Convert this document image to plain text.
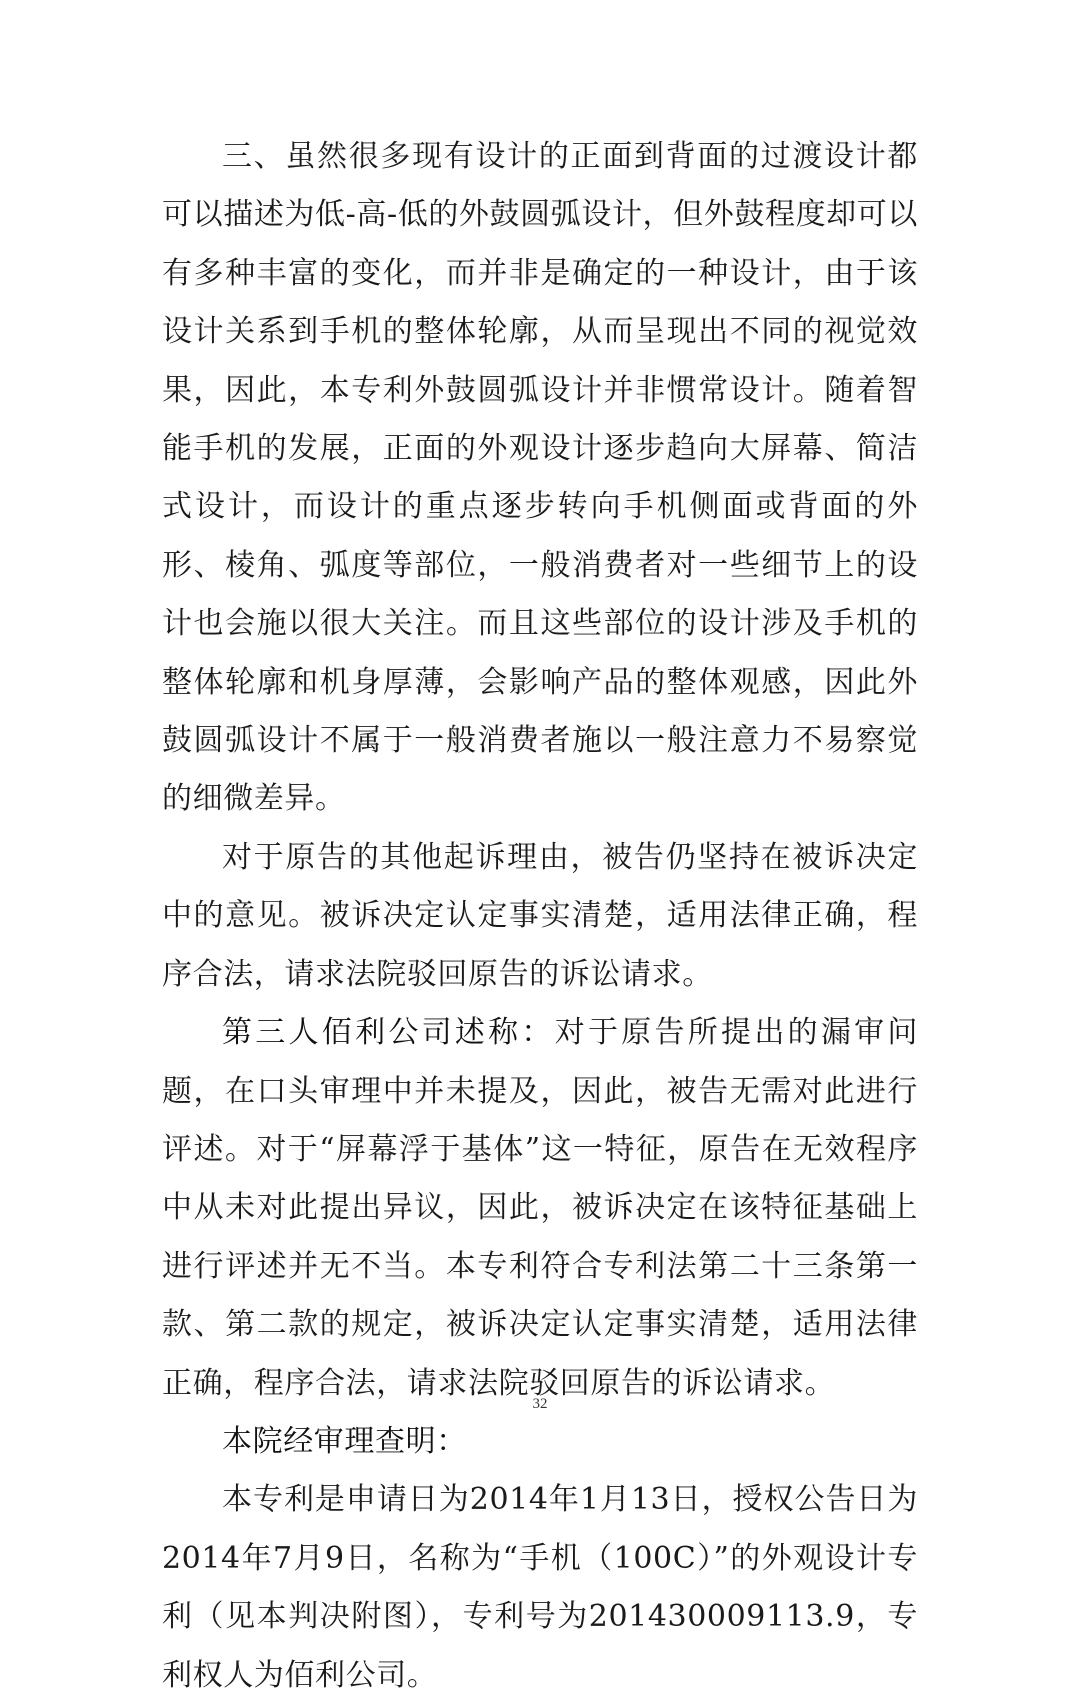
三、虽然很多现有设计的正面到背面的过渡设计都可以描述为低-高-低的外鼓圆弧设计，但外鼓程度却可以有多种丰富的变化，而并非是确定的一种设计，由于该设计关系到手机的整体轮廓，从而呈现出不同的视觉效果，因此，本专利外鼓圆弧设计并非惯常设计。随着智能手机的发展，正面的外观设计逐步趋向大屏幕、简洁式设计，而设计的重点逐步转向手机侧面或背面的外形、棱角、弧度等部位，一般消费者对一些细节上的设计也会施以很大关注。而且这些部位的设计涉及手机的整体轮廓和机身厚薄，会影响产品的整体观感，因此外鼓圆弧设计不属于一般消费者施以一般注意力不易察觉的细微差异。

对于原告的其他起诉理由，被告仍坚持在被诉决定中的意见。被诉决定认定事实清楚，适用法律正确，程序合法，请求法院驳回原告的诉讼请求。

第三人佰利公司述称：对于原告所提出的漏审问题，在口头审理中并未提及，因此，被告无需对此进行评述。对于“屏幕浮于基体”这一特征，原告在无效程序中从未对此提出异议，因此，被诉决定在该特征基础上进行评述并无不当。本专利符合专利法第二十三条第一款、第二款的规定，被诉决定认定事实清楚，适用法律正确，程序合法，请求法院驳回原告的诉讼请求。

本院经审理查明：

本专利是申请日为2014年1月13日，授权公告日为2014年7月9日，名称为“手机（100C）”的外观设计专利（见本判决附图），专利号为201430009113.9，专利权人为佰利公司。

32
